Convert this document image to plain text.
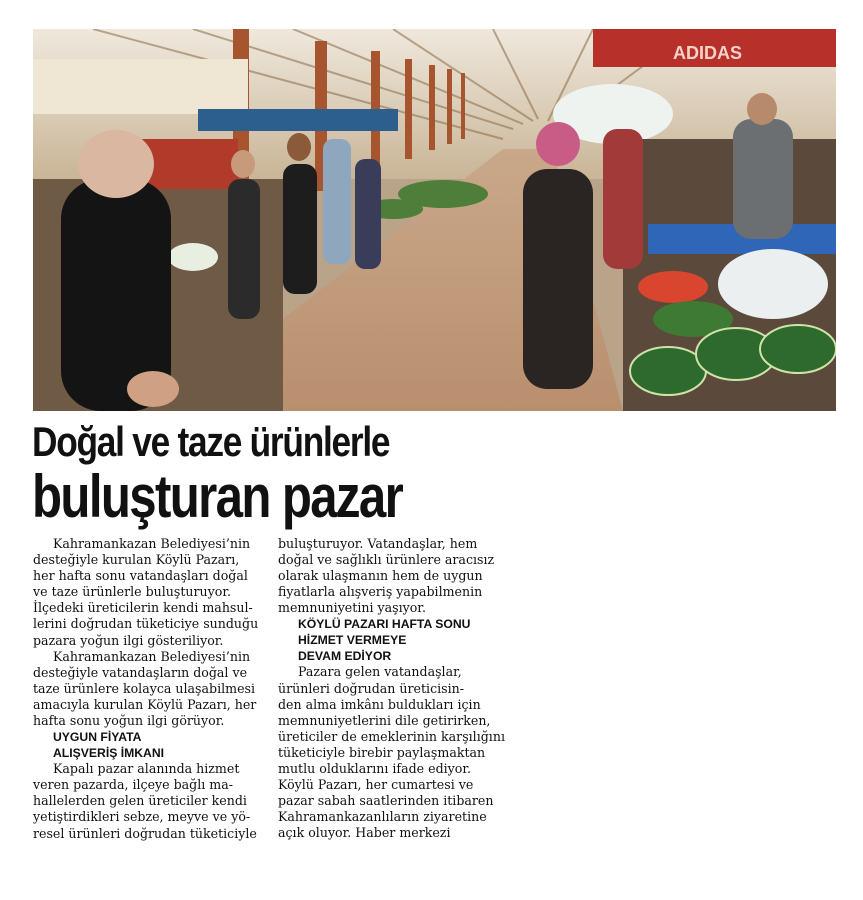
ADIDAS
Doğal ve taze ürünlerle
buluşturan pazar

Kahramankazan Belediyesi’nin

desteğiyle kurulan Köylü Pazarı,

her hafta sonu vatandaşları doğal

ve taze ürünlerle buluşturuyor.

İlçedeki üreticilerin kendi mahsul-

lerini doğrudan tüketiciye sunduğu

pazara yoğun ilgi gösteriliyor.

Kahramankazan Belediyesi’nin

desteğiyle vatandaşların doğal ve

taze ürünlere kolayca ulaşabilmesi

amacıyla kurulan Köylü Pazarı, her

hafta sonu yoğun ilgi görüyor.

UYGUN FİYATA
ALIŞVERİŞ İMKANI

Kapalı pazar alanında hizmet

veren pazarda, ilçeye bağlı ma-

hallelerden gelen üreticiler kendi

yetiştirdikleri sebze, meyve ve yö-

resel ürünleri doğrudan tüketiciyle

buluşturuyor. Vatandaşlar, hem

doğal ve sağlıklı ürünlere aracısız

olarak ulaşmanın hem de uygun

fiyatlarla alışveriş yapabilmenin

memnuniyetini yaşıyor.

KÖYLÜ PAZARI HAFTA SONU
HİZMET VERMEYE
DEVAM EDİYOR

Pazara gelen vatandaşlar,

ürünleri doğrudan üreticisin-

den alma imkânı buldukları için

memnuniyetlerini dile getirirken,

üreticiler de emeklerinin karşılığını

tüketiciyle birebir paylaşmaktan

mutlu olduklarını ifade ediyor.

Köylü Pazarı, her cumartesi ve

pazar sabah saatlerinden itibaren

Kahramankazanlıların ziyaretine

açık oluyor. Haber merkezi
